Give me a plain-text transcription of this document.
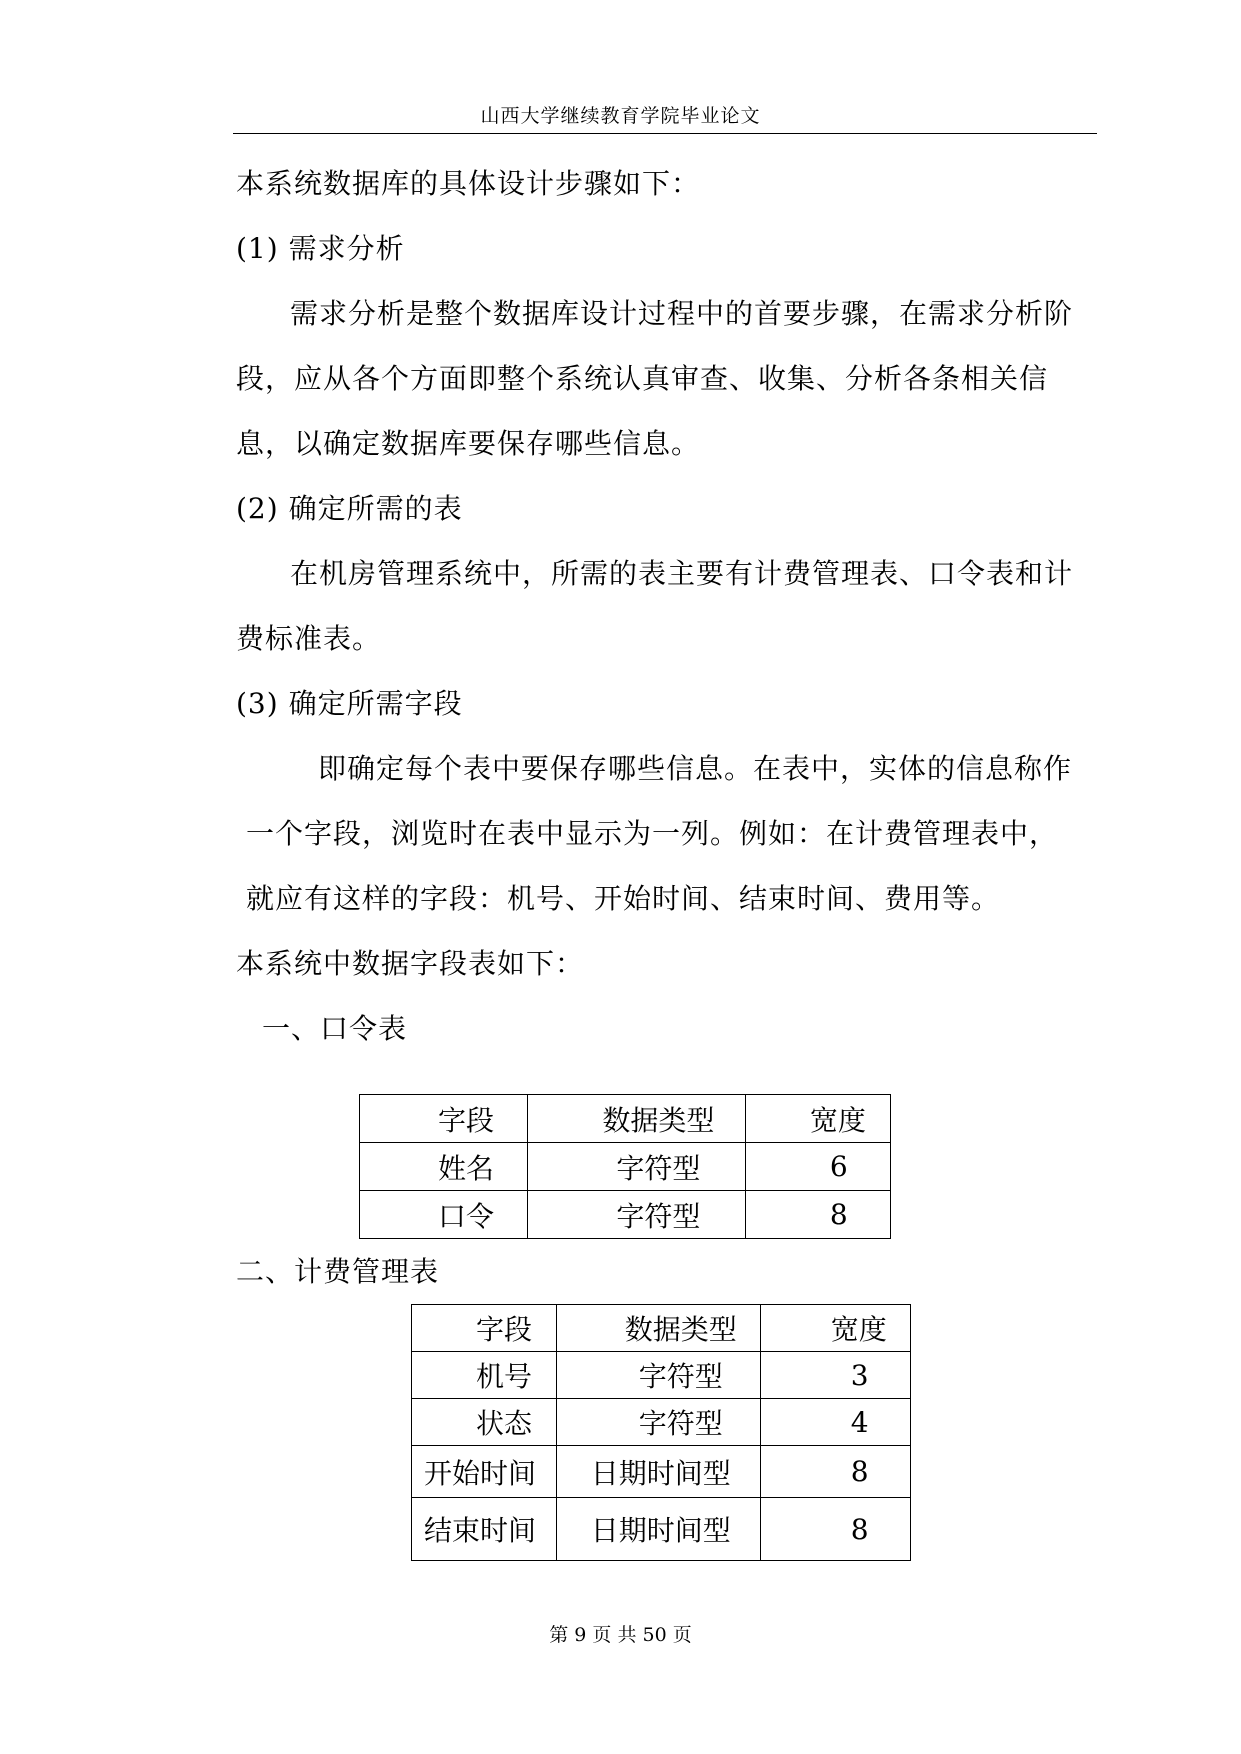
山西大学继续教育学院毕业论文
本系统数据库的具体设计步骤如下：
(1) 需求分析
需求分析是整个数据库设计过程中的首要步骤，在需求分析阶
段，应从各个方面即整个系统认真审查、收集、分析各条相关信
息，以确定数据库要保存哪些信息。
(2) 确定所需的表
在机房管理系统中，所需的表主要有计费管理表、口令表和计
费标准表。
(3) 确定所需字段
即确定每个表中要保存哪些信息。在表中，实体的信息称作
一个字段，浏览时在表中显示为一列。例如：在计费管理表中，
就应有这样的字段：机号、开始时间、结束时间、费用等。
本系统中数据字段表如下：
一、口令表
字段	数据类型	宽度
姓名	字符型	6
口令	字符型	8
二、计费管理表
字段	数据类型	宽度
机号	字符型	3
状态	字符型	4
开始时间	日期时间型	8
结束时间	日期时间型	8
第 9 页 共 50 页
